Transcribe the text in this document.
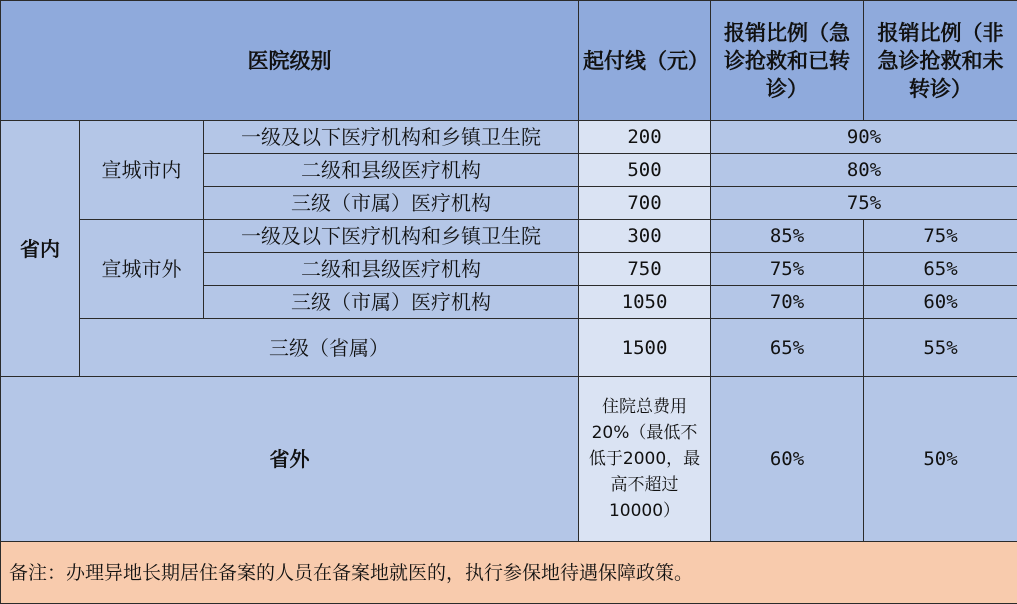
医院级别			起付线（元）	报销比例（急诊抢救和已转诊）	报销比例（非急诊抢救和未转诊）
省内	宣城市内	一级及以下医疗机构和乡镇卫生院	200	90%	
		二级和县级医疗机构	500	80%	
		三级（市属）医疗机构	700	75%	
	宣城市外	一级及以下医疗机构和乡镇卫生院	300	85%	75%
		二级和县级医疗机构	750	75%	65%
		三级（市属）医疗机构	1050	70%	60%
	三级（省属）		1500	65%	55%
省外			住院总费用20%（最低不低于2000，最高不超过10000）	60%	50%
备注：办理异地长期居住备案的人员在备案地就医的，执行参保地待遇保障政策。					
